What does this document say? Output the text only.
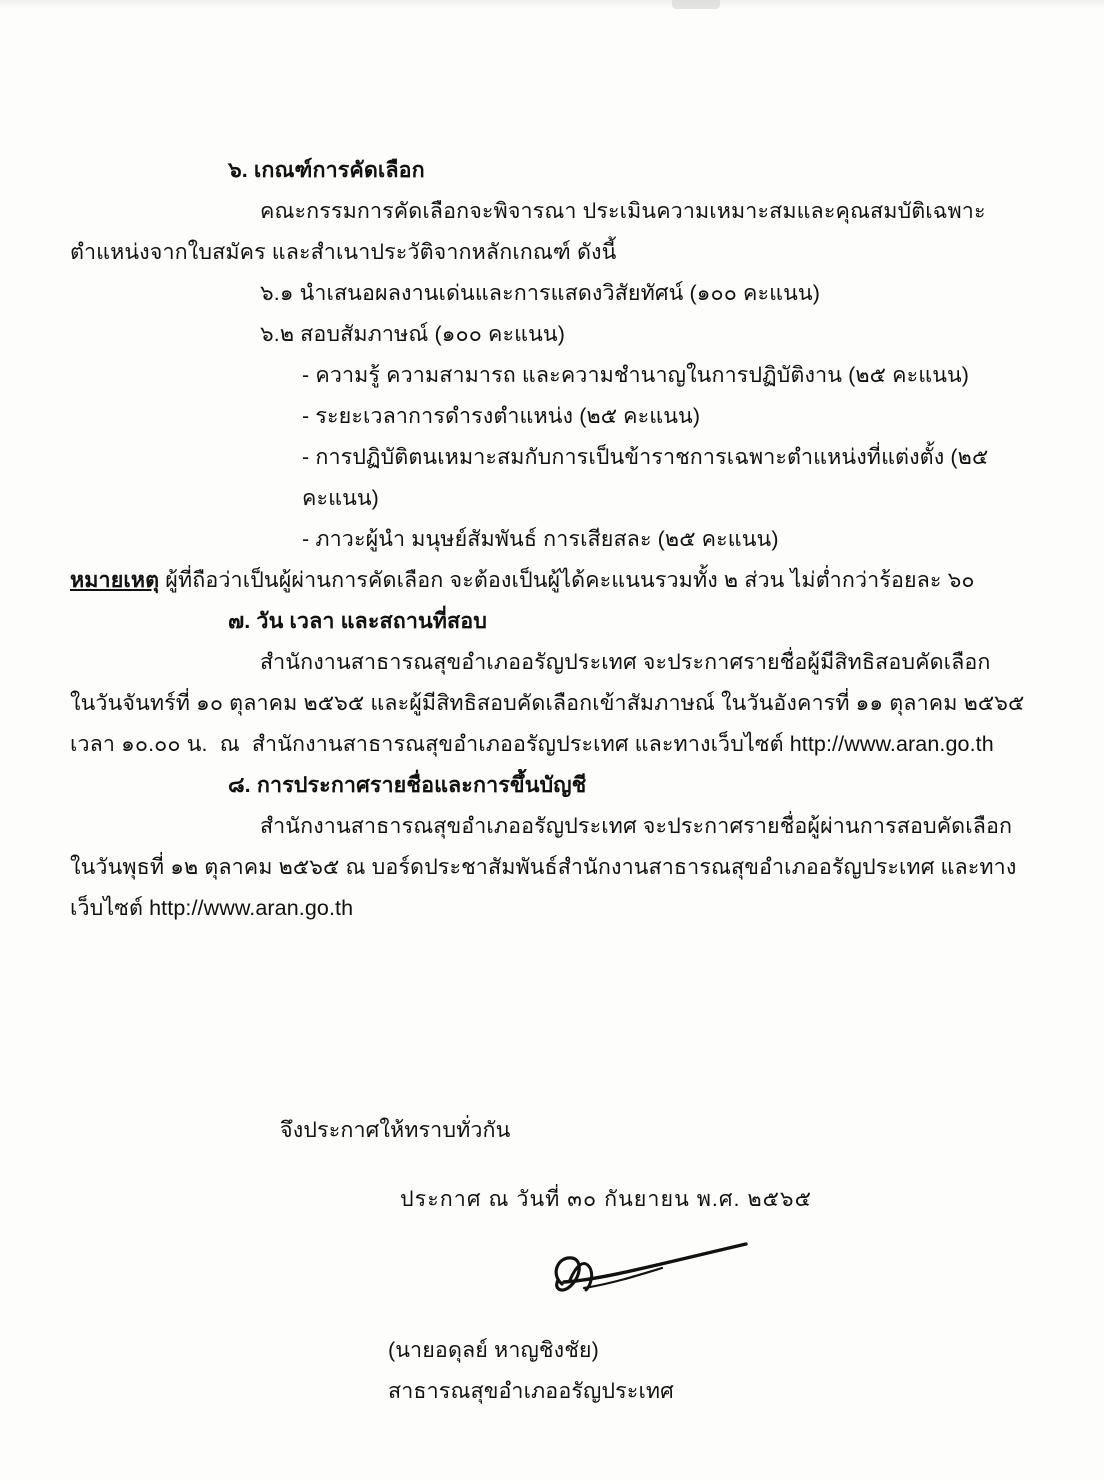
๖. เกณฑ์การคัดเลือก
คณะกรรมการคัดเลือกจะพิจารณา ประเมินความเหมาะสมและคุณสมบัติเฉพาะ
ตำแหน่งจากใบสมัคร และสำเนาประวัติจากหลักเกณฑ์ ดังนี้
๖.๑ นำเสนอผลงานเด่นและการแสดงวิสัยทัศน์ (๑๐๐ คะแนน)
๖.๒ สอบสัมภาษณ์ (๑๐๐ คะแนน)
- ความรู้ ความสามารถ และความชำนาญในการปฏิบัติงาน (๒๕ คะแนน)
- ระยะเวลาการดำรงตำแหน่ง (๒๕ คะแนน)
- การปฏิบัติตนเหมาะสมกับการเป็นข้าราชการเฉพาะตำแหน่งที่แต่งตั้ง (๒๕ คะแนน)
- ภาวะผู้นำ มนุษย์สัมพันธ์ การเสียสละ (๒๕ คะแนน)
หมายเหตุ ผู้ที่ถือว่าเป็นผู้ผ่านการคัดเลือก จะต้องเป็นผู้ได้คะแนนรวมทั้ง ๒ ส่วน ไม่ต่ำกว่าร้อยละ ๖๐
๗. วัน เวลา และสถานที่สอบ
สำนักงานสาธารณสุขอำเภออรัญประเทศ จะประกาศรายชื่อผู้มีสิทธิสอบคัดเลือก
ในวันจันทร์ที่ ๑๐ ตุลาคม ๒๕๖๕ และผู้มีสิทธิสอบคัดเลือกเข้าสัมภาษณ์ ในวันอังคารที่ ๑๑ ตุลาคม ๒๕๖๕
เวลา ๑๐.๐๐ น.  ณ  สำนักงานสาธารณสุขอำเภออรัญประเทศ และทางเว็บไซต์ http://www.aran.go.th
๘. การประกาศรายชื่อและการขึ้นบัญชี
สำนักงานสาธารณสุขอำเภออรัญประเทศ จะประกาศรายชื่อผู้ผ่านการสอบคัดเลือก
ในวันพุธที่ ๑๒ ตุลาคม ๒๕๖๕ ณ บอร์ดประชาสัมพันธ์สำนักงานสาธารณสุขอำเภออรัญประเทศ และทาง
เว็บไซต์ http://www.aran.go.th
จึงประกาศให้ทราบทั่วกัน
ประกาศ ณ วันที่ ๓๐ กันยายน พ.ศ. ๒๕๖๕
(นายอดุลย์ หาญชิงชัย)
สาธารณสุขอำเภออรัญประเทศ
